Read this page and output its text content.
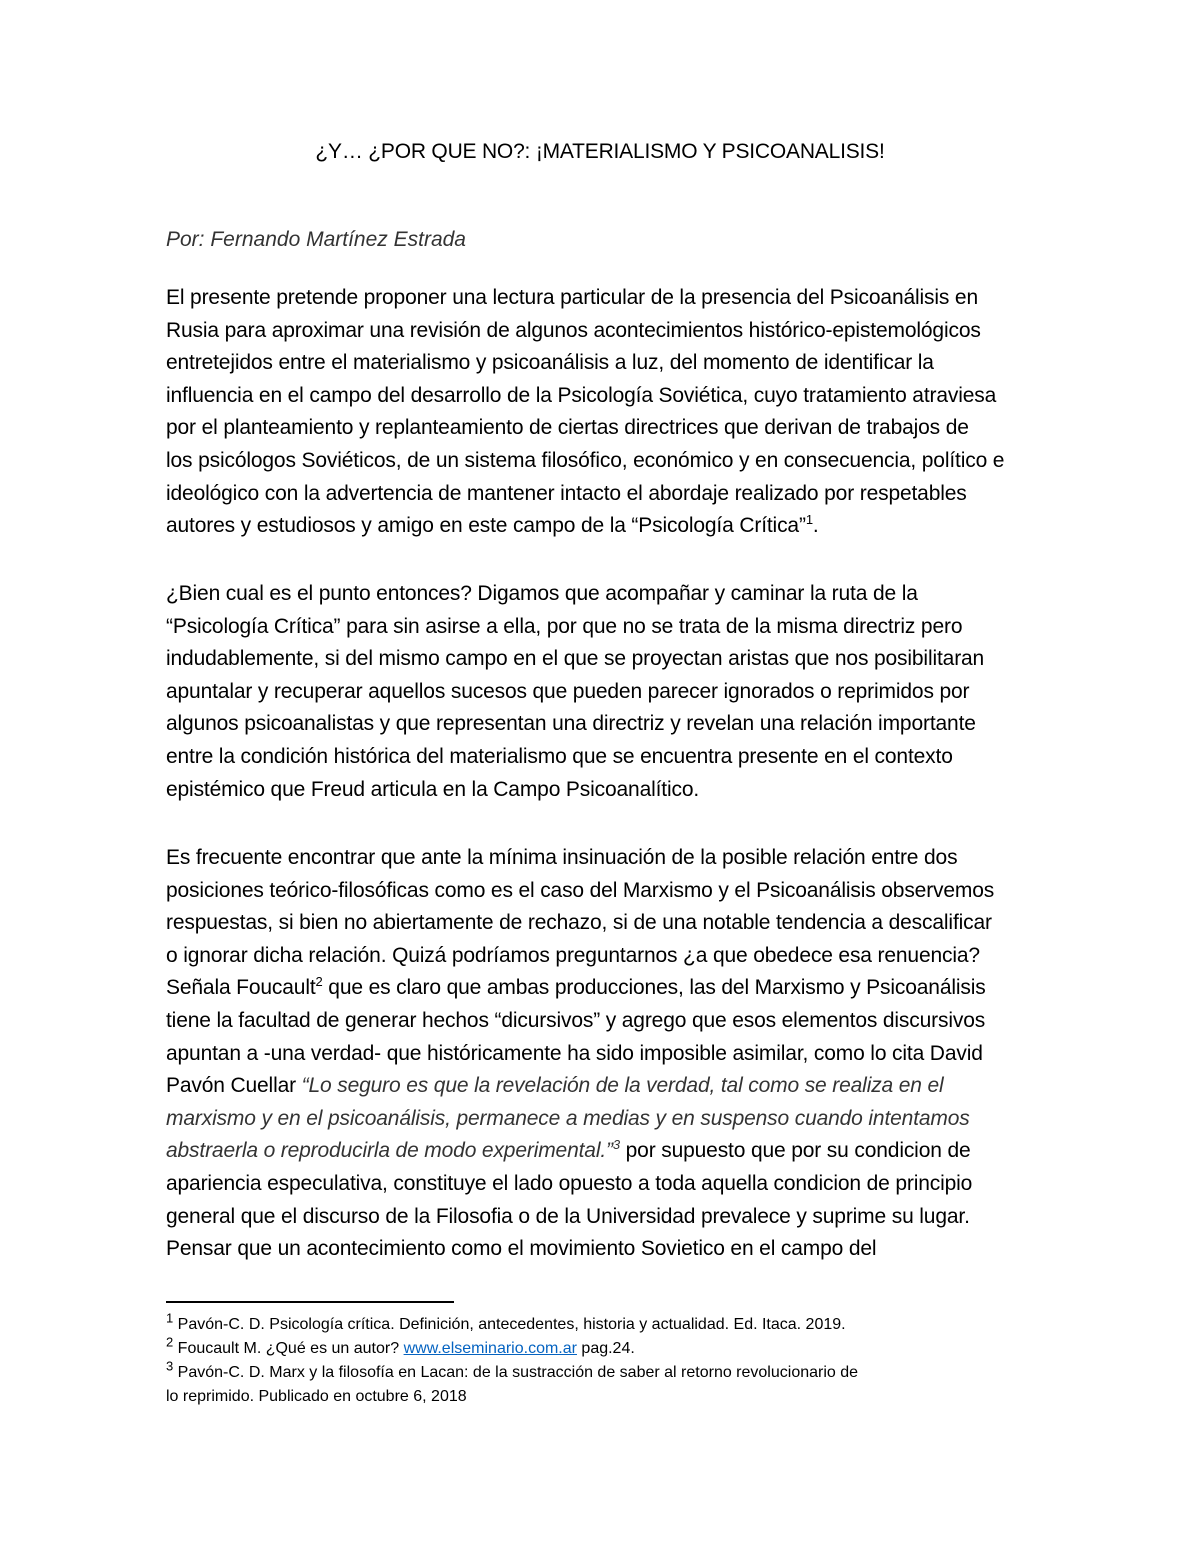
¿Y… ¿POR QUE NO?: ¡MATERIALISMO Y PSICOANALISIS!
Por: Fernando Martínez Estrada
El presente pretende proponer una lectura particular de la presencia del Psicoanálisis en
Rusia para aproximar una revisión de algunos acontecimientos histórico-epistemológicos
entretejidos entre el materialismo y psicoanálisis a luz, del momento de identificar la
influencia en el campo del desarrollo de la Psicología Soviética, cuyo tratamiento atraviesa
por el planteamiento y replanteamiento de ciertas directrices que derivan de trabajos de
los psicólogos Soviéticos, de un sistema filosófico, económico y en consecuencia, político e
ideológico con la advertencia de mantener intacto el abordaje realizado por respetables
autores y estudiosos y amigo en este campo de la “Psicología Crítica”$^1$.
¿Bien cual es el punto entonces? Digamos que acompañar y caminar la ruta de la
“Psicología Crítica” para sin asirse a ella, por que no se trata de la misma directriz pero
indudablemente, si del mismo campo en el que se proyectan aristas que nos posibilitaran
apuntalar y recuperar aquellos sucesos que pueden parecer ignorados o reprimidos por
algunos psicoanalistas y que representan una directriz y revelan una relación importante
entre la condición histórica del materialismo que se encuentra presente en el contexto
epistémico que Freud articula en la Campo Psicoanalítico.
Es frecuente encontrar que ante la mínima insinuación de la posible relación entre dos
posiciones teórico-filosóficas como es el caso del Marxismo y el Psicoanálisis observemos
respuestas, si bien no abiertamente de rechazo, si de una notable tendencia a descalificar
o ignorar dicha relación. Quizá podríamos preguntarnos ¿a que obedece esa renuencia?
Señala Foucault$^2$ que es claro que ambas producciones, las del Marxismo y Psicoanálisis
tiene la facultad de generar hechos “dicursivos” y agrego que esos elementos discursivos
apuntan a -una verdad- que históricamente ha sido imposible asimilar, como lo cita David
Pavón Cuellar “Lo seguro es que la revelación de la verdad, tal como se realiza en el
marxismo y en el psicoanálisis, permanece a medias y en suspenso cuando intentamos
abstraerla o reproducirla de modo experimental.”$^3$ por supuesto que por su condicion de
apariencia especulativa, constituye el lado opuesto a toda aquella condicion de principio
general que el discurso de la Filosofia o de la Universidad prevalece y suprime su lugar.
Pensar que un acontecimiento como el movimiento Sovietico en el campo del
$^1$ Pavón-C. D. Psicología crítica. Definición, antecedentes, historia y actualidad. Ed. Itaca. 2019.
$^2$ Foucault M. ¿Qué es un autor? www.elseminario.com.ar pag.24.
$^3$ Pavón-C. D. Marx y la filosofía en Lacan: de la sustracción de saber al retorno revolucionario de
lo reprimido. Publicado en octubre 6, 2018
